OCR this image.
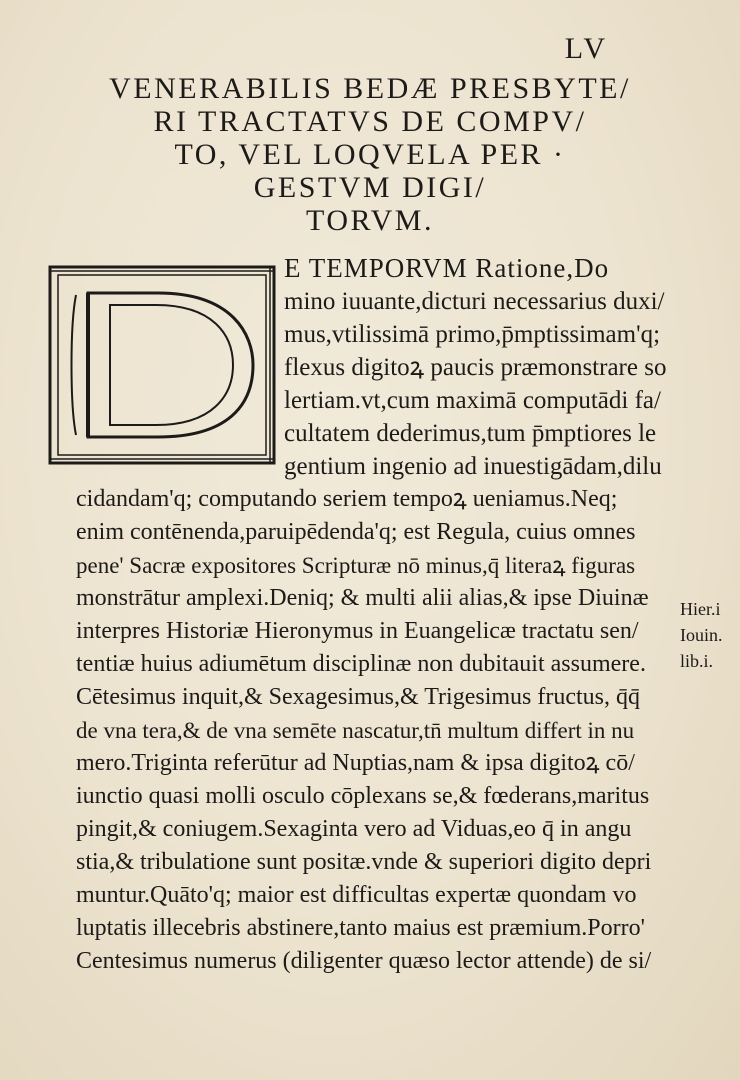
LV
VENERABILIS BEDÆ PRESBYTE/
RI TRACTATVS DE COMPV/
TO, VEL LOQVELA PER ·
GESTVM DIGI/
TORVM.
E TEMPORVM Ratione,Do
mino iuuante,dicturi necessarius duxi/
mus,vtilissimā primo,p̄mptissimam'q;
flexus digitoꝝ paucis præmonstrare so
lertiam.vt,cum maximā computādi fa/
cultatem dederimus,tum p̄mptiores le
gentium ingenio ad inuestigādam,dilu
cidandam'q; computando seriem tempoꝝ ueniamus.Neq;
enim contēnenda,paruipēdenda'q; est Regula, cuius omnes
pene' Sacræ expositores Scripturæ nō minus,q̄ literaꝝ figuras
monstrātur amplexi.Deniq; & multi alii alias,& ipse Diuinæ
interpres Historiæ Hieronymus in Euangelicæ tractatu sen/
tentiæ huius adiumētum disciplinæ non dubitauit assumere.
Cētesimus inquit,& Sexagesimus,& Trigesimus fructus, q̄q̄
de vna tera,& de vna semēte nascatur,tn̄ multum differt in nu
mero.Triginta referūtur ad Nuptias,nam & ipsa digitoꝝ cō/
iunctio quasi molli osculo cōplexans se,& fœderans,maritus
pingit,& coniugem.Sexaginta vero ad Viduas,eo q̄ in angu
stia,& tribulatione sunt positæ.vnde & superiori digito depri
muntur.Quāto'q; maior est difficultas expertæ quondam vo
luptatis illecebris abstinere,tanto maius est præmium.Porro'
Centesimus numerus (diligenter quæso lector attende) de si/
Hier.i
Iouin.
lib.i.
